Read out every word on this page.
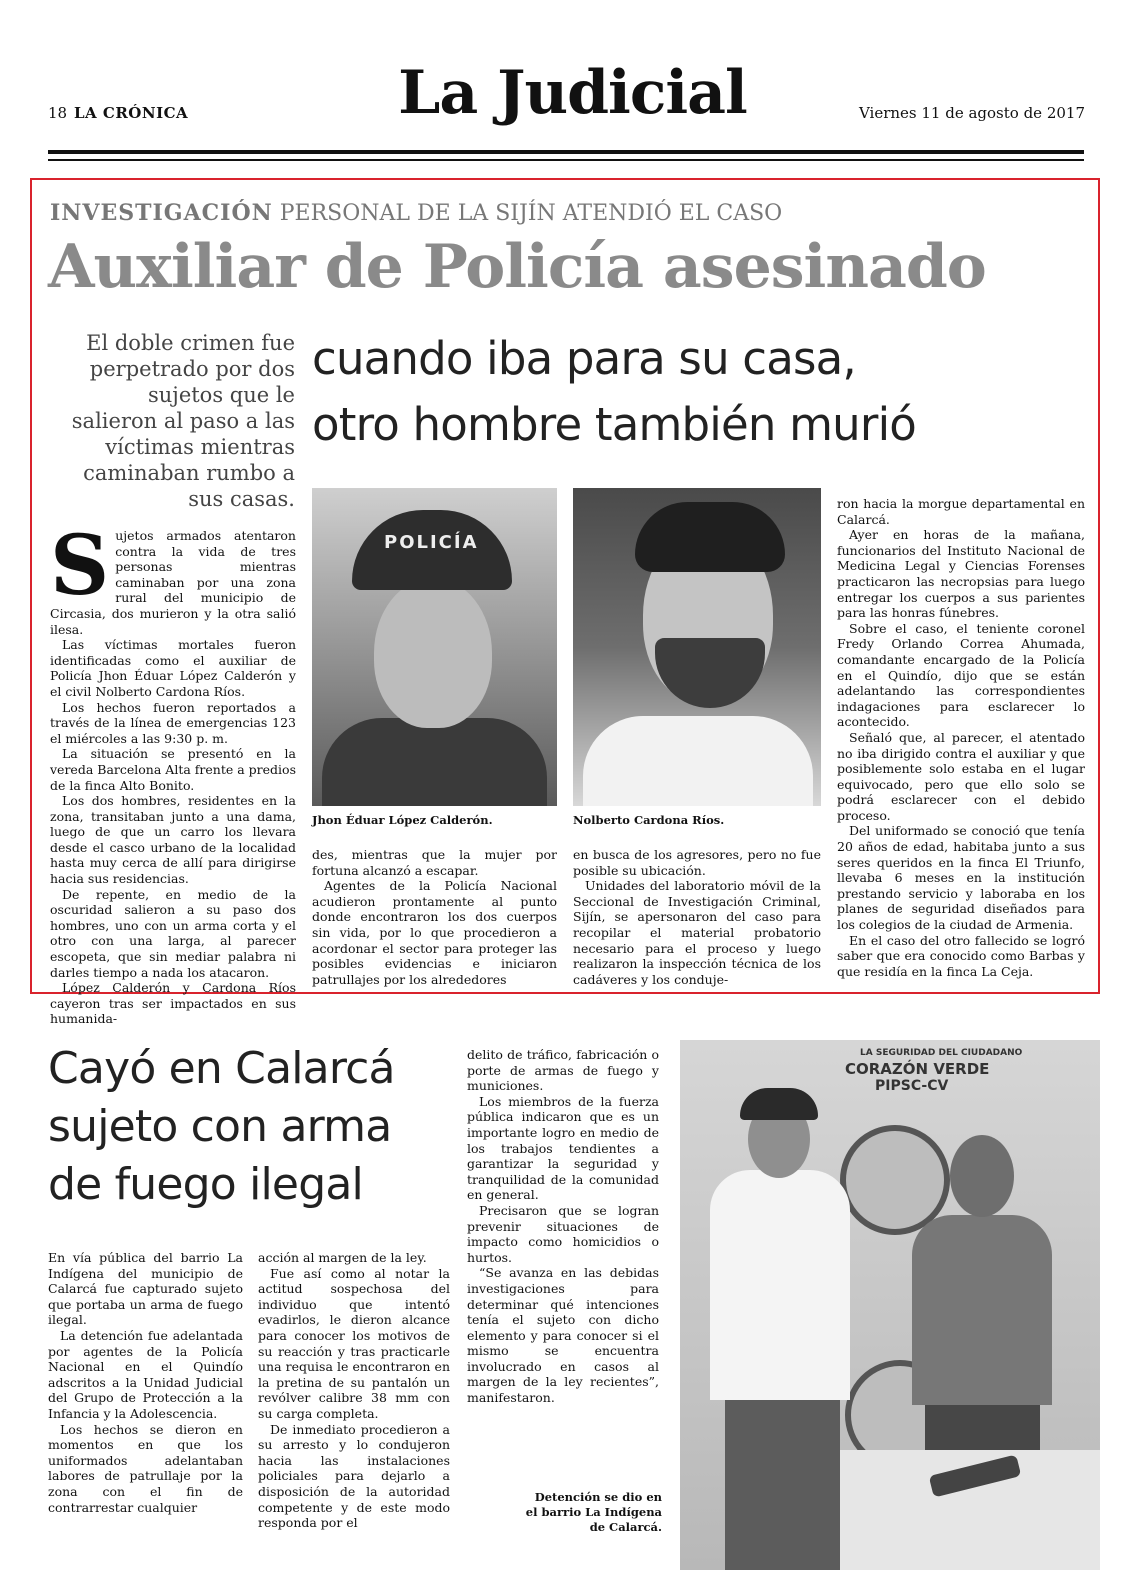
18 LA CRÓNICA	La Judicial	Viernes 11 de agosto de 2017
INVESTIGACIÓN PERSONAL DE LA SIJÍN ATENDIÓ EL CASO
Auxiliar de Policía asesinado
El doble crimen fue perpetrado por dos sujetos que le salieron al paso a las víctimas mientras caminaban rumbo a sus casas.
cuando iba para su casa,
otro hombre también murió
S ujetos armados atentaron contra la vida de tres personas mientras caminaban por una zona rural del municipio de Circasia, dos murieron y la otra salió ilesa.

Las víctimas mortales fueron identificadas como el auxiliar de Policía Jhon Éduar López Calderón y el civil Nolberto Cardona Ríos.

Los hechos fueron reportados a través de la línea de emergencias 123 el miércoles a las 9:30 p. m.

La situación se presentó en la vereda Barcelona Alta frente a predios de la finca Alto Bonito.

Los dos hombres, residentes en la zona, transitaban junto a una dama, luego de que un carro los llevara desde el casco urbano de la localidad hasta muy cerca de allí para dirigirse hacia sus residencias.

De repente, en medio de la oscuridad salieron a su paso dos hombres, uno con un arma corta y el otro con una larga, al parecer escopeta, que sin mediar palabra ni darles tiempo a nada los atacaron.

López Calderón y Cardona Ríos cayeron tras ser impactados en sus humanida-

POLICÍA
Jhon Éduar López Calderón.	Nolberto Cardona Ríos.

des, mientras que la mujer por fortuna alcanzó a escapar.

Agentes de la Policía Nacional acudieron prontamente al punto donde encontraron los dos cuerpos sin vida, por lo que procedieron a acordonar el sector para proteger las posibles evidencias e iniciaron patrullajes por los alrededores

en busca de los agresores, pero no fue posible su ubicación.

Unidades del laboratorio móvil de la Seccional de Investigación Criminal, Sijín, se apersonaron del caso para recopilar el material probatorio necesario para el proceso y luego realizaron la inspección técnica de los cadáveres y los conduje-

ron hacia la morgue departamental en Calarcá.

Ayer en horas de la mañana, funcionarios del Instituto Nacional de Medicina Legal y Ciencias Forenses practicaron las necropsias para luego entregar los cuerpos a sus parientes para las honras fúnebres.

Sobre el caso, el teniente coronel Fredy Orlando Correa Ahumada, comandante encargado de la Policía en el Quindío, dijo que se están adelantando las correspondientes indagaciones para esclarecer lo acontecido.

Señaló que, al parecer, el atentado no iba dirigido contra el auxiliar y que posiblemente solo estaba en el lugar equivocado, pero que ello solo se podrá esclarecer con el debido proceso.

Del uniformado se conoció que tenía 20 años de edad, habitaba junto a sus seres queridos en la finca El Triunfo, llevaba 6 meses en la institución prestando servicio y laboraba en los planes de seguridad diseñados para los colegios de la ciudad de Armenia.

En el caso del otro fallecido se logró saber que era conocido como Barbas y que residía en la finca La Ceja.

Cayó en Calarcá
sujeto con arma
de fuego ilegal

En vía pública del barrio La Indígena del municipio de Calarcá fue capturado sujeto que portaba un arma de fuego ilegal.

La detención fue adelantada por agentes de la Policía Nacional en el Quindío adscritos a la Unidad Judicial del Grupo de Protección a la Infancia y la Adolescencia.

Los hechos se dieron en momentos en que los uniformados adelantaban labores de patrullaje por la zona con el fin de contrarrestar cualquier

acción al margen de la ley.

Fue así como al notar la actitud sospechosa del individuo que intentó evadirlos, le dieron alcance para conocer los motivos de su reacción y tras practicarle una requisa le encontraron en la pretina de su pantalón un revólver calibre 38 mm con su carga completa.

De inmediato procedieron a su arresto y lo condujeron hacia las instalaciones policiales para dejarlo a disposición de la autoridad competente y de este modo responda por el

delito de tráfico, fabricación o porte de armas de fuego y municiones.

Los miembros de la fuerza pública indicaron que es un importante logro en medio de los trabajos tendientes a garantizar la seguridad y tranquilidad de la comunidad en general.

Precisaron que se logran prevenir situaciones de impacto como homicidios o hurtos.

“Se avanza en las debidas investigaciones para determinar qué intenciones tenía el sujeto con dicho elemento y para conocer si el mismo se encuentra involucrado en casos al margen de la ley recientes”, manifestaron.

LA SEGURIDAD DEL CIUDADANO
CORAZÓN VERDE
PIPSC-CV
Detención se dio en el barrio La Indígena de Calarcá.
